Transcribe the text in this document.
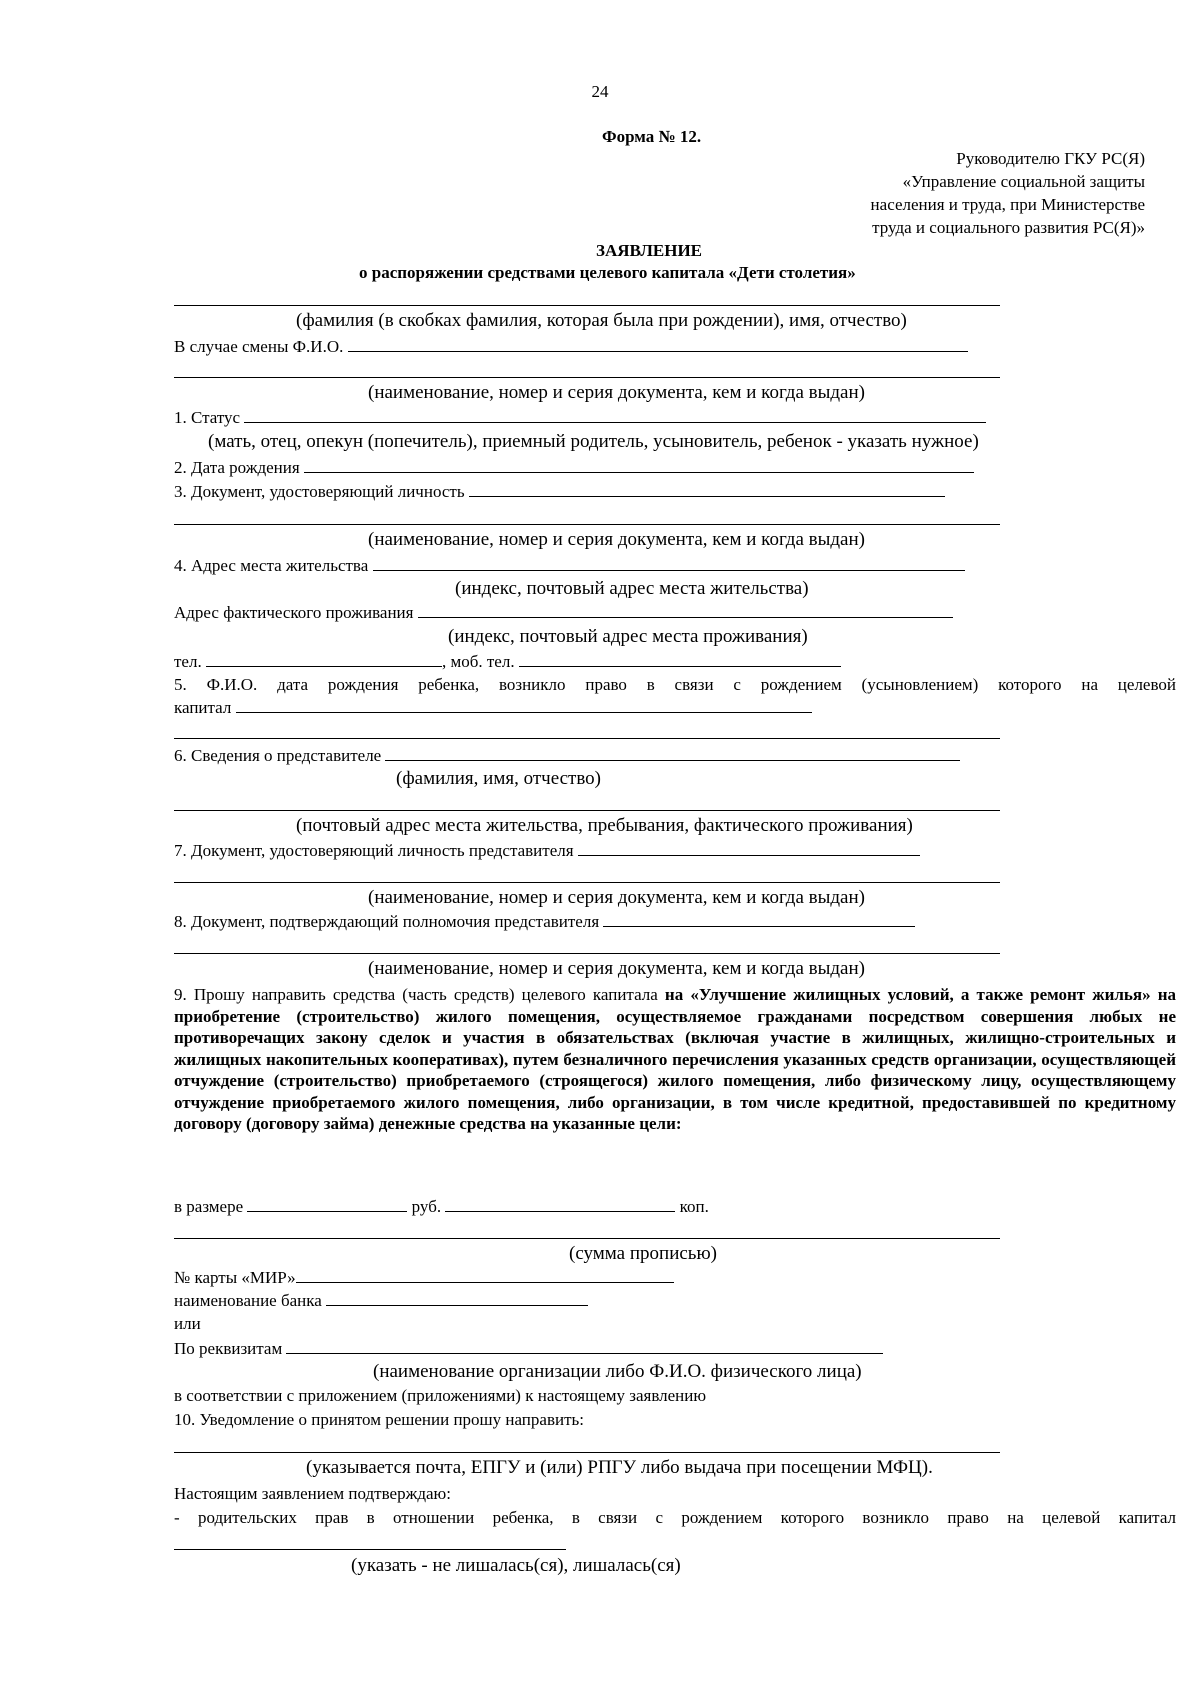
24
Форма № 12.
Руководителю ГКУ РС(Я)
«Управление социальной защиты
населения и труда, при Министерстве
труда и социального развития РС(Я)»
ЗАЯВЛЕНИЕ
о распоряжении средствами целевого капитала «Дети столетия»
(фамилия (в скобках фамилия, которая была при рождении), имя, отчество)
В случае смены Ф.И.О.
(наименование, номер и серия документа, кем и когда выдан)
1. Статус
(мать, отец, опекун (попечитель), приемный родитель, усыновитель, ребенок - указать нужное)
2. Дата рождения
3. Документ, удостоверяющий личность
(наименование, номер и серия документа, кем и когда выдан)
4. Адрес места жительства
(индекс, почтовый адрес места жительства)
Адрес фактического проживания
(индекс, почтовый адрес места проживания)
тел.	, моб. тел.
5. Ф.И.О. дата рождения ребенка, возникло право в связи с рождением (усыновлением) которого на целевой
капитал
6. Сведения о представителе
(фамилия, имя, отчество)
(почтовый адрес места жительства, пребывания, фактического проживания)
7. Документ, удостоверяющий личность представителя
(наименование, номер и серия документа, кем и когда выдан)
8. Документ, подтверждающий полномочия представителя
(наименование, номер и серия документа, кем и когда выдан)
9. Прошу направить средства (часть средств) целевого капитала на «Улучшение жилищных условий, а также ремонт жилья» на приобретение (строительство) жилого помещения, осуществляемое гражданами посредством совершения любых не противоречащих закону сделок и участия в обязательствах (включая участие в жилищных, жилищно-строительных и жилищных накопительных кооперативах), путем безналичного перечисления указанных средств организации, осуществляющей отчуждение (строительство) приобретаемого (строящегося) жилого помещения, либо физическому лицу, осуществляющему отчуждение приобретаемого жилого помещения, либо организации, в том числе кредитной, предоставившей по кредитному договору (договору займа) денежные средства на указанные цели:
в размере	руб.	коп.
(сумма прописью)
№ карты «МИР»
наименование банка
или
По реквизитам
(наименование организации либо Ф.И.О. физического лица)
в соответствии с приложением (приложениями) к настоящему заявлению
10. Уведомление о принятом решении прошу направить:
(указывается почта, ЕПГУ и (или) РПГУ либо выдача при посещении МФЦ).
Настоящим заявлением подтверждаю:
- родительских прав в отношении ребенка, в связи с рождением которого возникло право на целевой капитал
(указать - не лишалась(ся), лишалась(ся)
